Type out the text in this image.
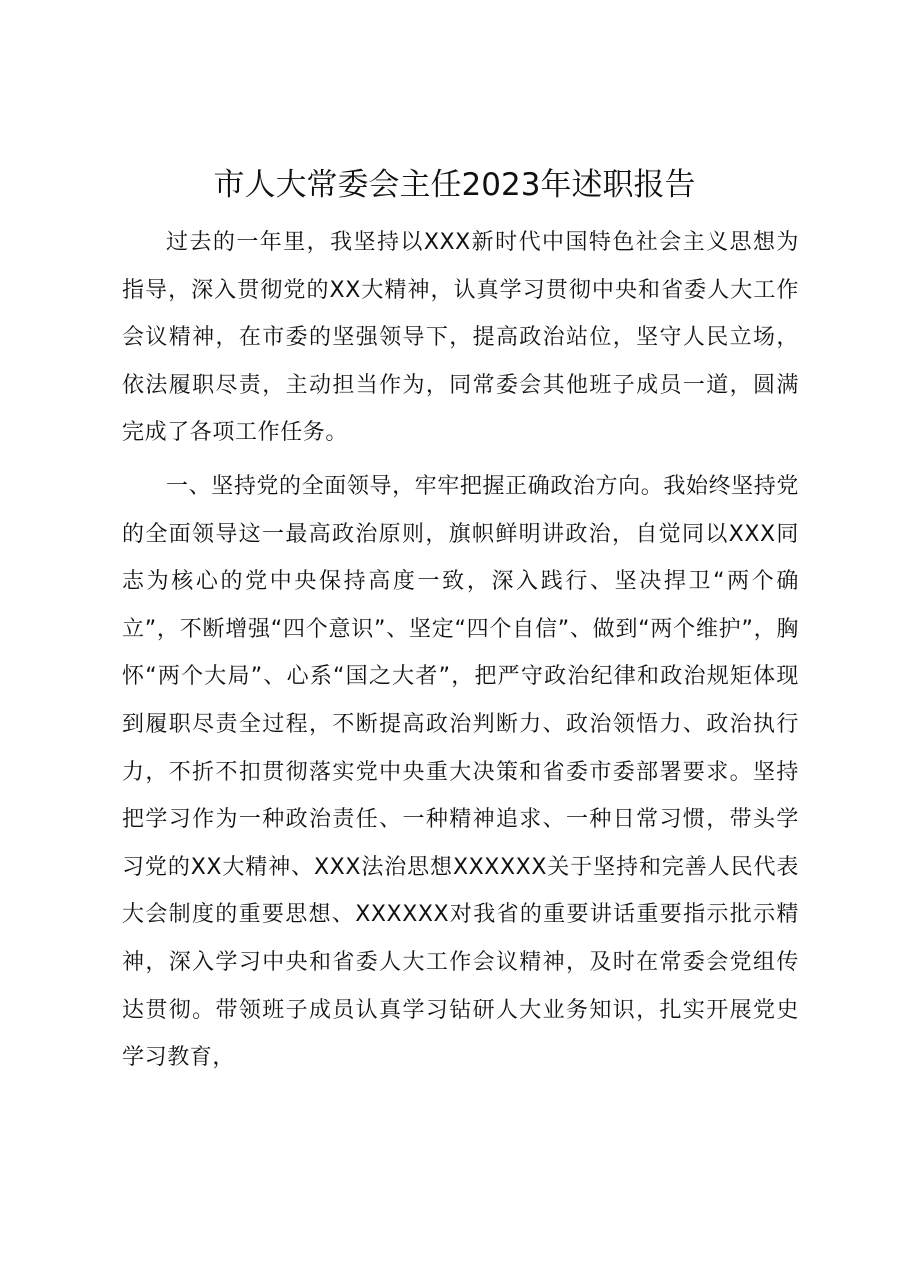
市人大常委会主任2023年述职报告

过去的一年里，我坚持以XXX新时代中国特色社会主义思想为指导，深入贯彻党的XX大精神，认真学习贯彻中央和省委人大工作会议精神，在市委的坚强领导下，提高政治站位，坚守人民立场，依法履职尽责，主动担当作为，同常委会其他班子成员一道，圆满完成了各项工作任务。

一、坚持党的全面领导，牢牢把握正确政治方向。我始终坚持党的全面领导这一最高政治原则，旗帜鲜明讲政治，自觉同以XXX同志为核心的党中央保持高度一致，深入践行、坚决捍卫“两个确立”，不断增强“四个意识”、坚定“四个自信”、做到“两个维护”，胸怀“两个大局”、心系“国之大者”，把严守政治纪律和政治规矩体现到履职尽责全过程，不断提高政治判断力、政治领悟力、政治执行力，不折不扣贯彻落实党中央重大决策和省委市委部署要求。坚持把学习作为一种政治责任、一种精神追求、一种日常习惯，带头学习党的XX大精神、XXX法治思想XXXXXX关于坚持和完善人民代表大会制度的重要思想、XXXXXX对我省的重要讲话重要指示批示精神，深入学习中央和省委人大工作会议精神，及时在常委会党组传达贯彻。带领班子成员认真学习钻研人大业务知识，扎实开展党史学习教育，
